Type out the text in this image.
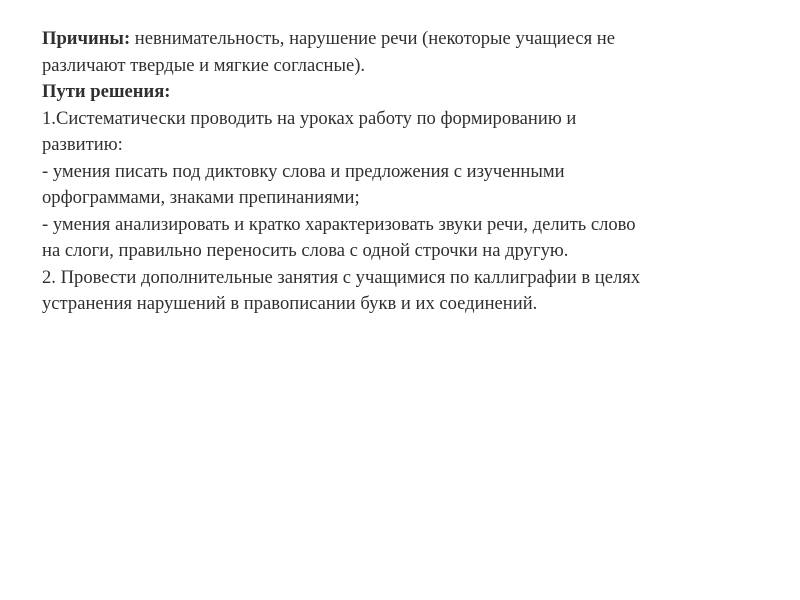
Причины: невнимательность, нарушение речи (некоторые учащиеся не
различают твердые и мягкие согласные).
Пути решения:
1.Систематически проводить на уроках работу по формированию и
развитию:
- умения писать под диктовку слова и предложения с изученными
орфограммами, знаками препинаниями;
- умения анализировать и кратко характеризовать звуки речи, делить слово
на слоги, правильно переносить слова с одной строчки на другую.
2. Провести дополнительные занятия с учащимися по каллиграфии в целях
устранения нарушений в правописании букв и их соединений.
